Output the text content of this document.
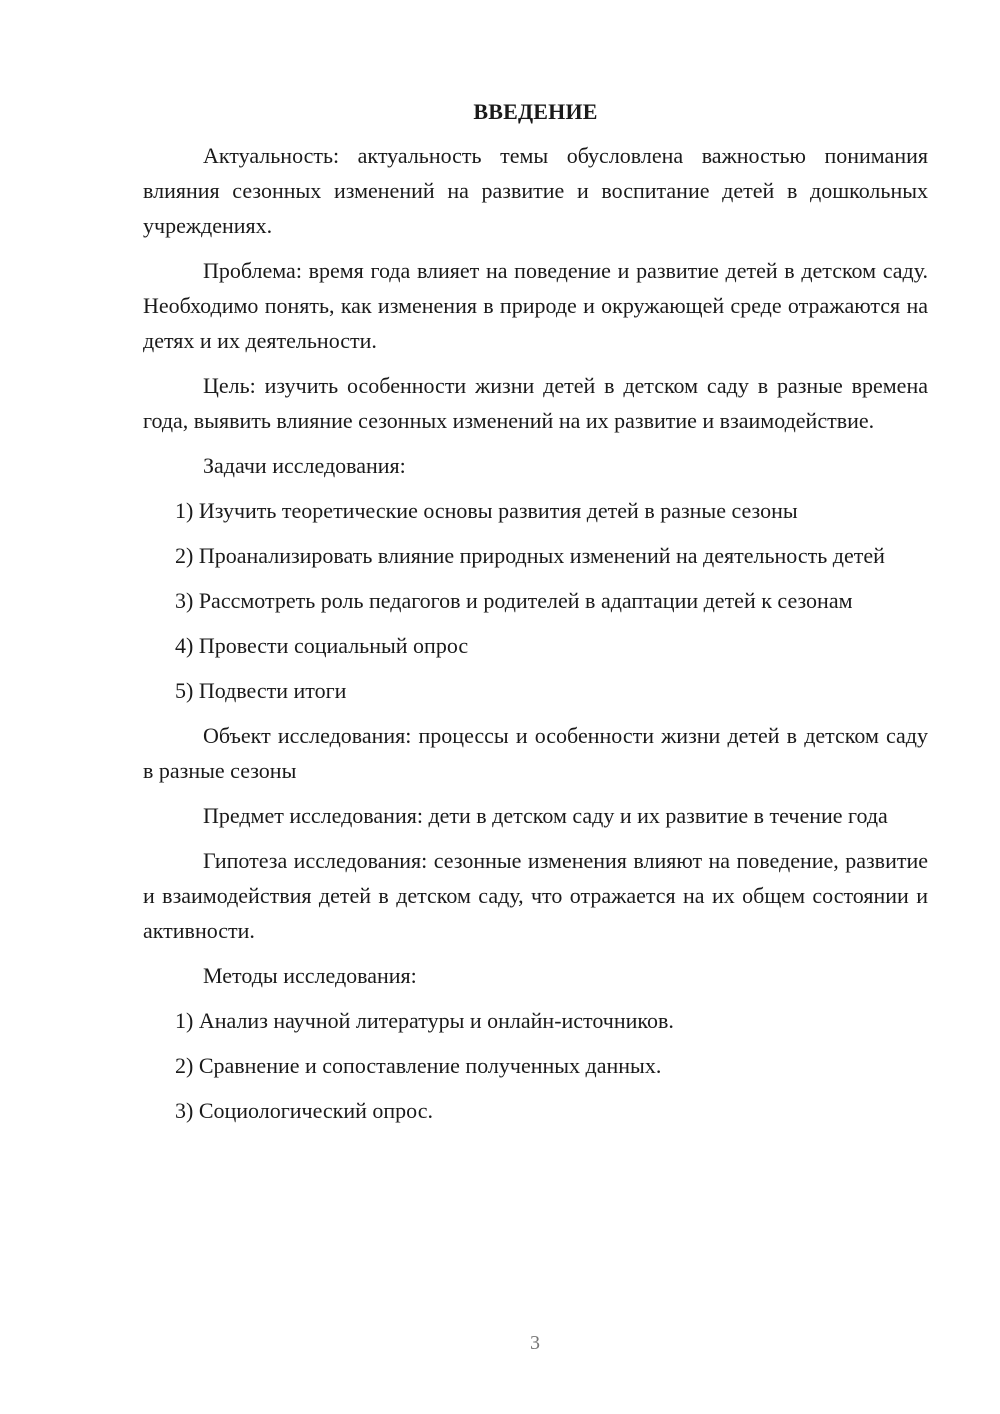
ВВЕДЕНИЕ
Актуальность: актуальность темы обусловлена важностью понимания влияния сезонных изменений на развитие и воспитание детей в дошкольных учреждениях.
Проблема: время года влияет на поведение и развитие детей в детском саду. Необходимо понять, как изменения в природе и окружающей среде отражаются на детях и их деятельности.
Цель: изучить особенности жизни детей в детском саду в разные времена года, выявить влияние сезонных изменений на их развитие и взаимодействие.
Задачи исследования:
1) Изучить теоретические основы развития детей в разные сезоны
2) Проанализировать влияние природных изменений на деятельность детей
3) Рассмотреть роль педагогов и родителей в адаптации детей к сезонам
4) Провести социальный опрос
5) Подвести итоги
Объект исследования: процессы и особенности жизни детей в детском саду в разные сезоны
Предмет исследования: дети в детском саду и их развитие в течение года
Гипотеза исследования: сезонные изменения влияют на поведение, развитие и взаимодействия детей в детском саду, что отражается на их общем состоянии и активности.
Методы исследования:
1) Анализ научной литературы и онлайн-источников.
2) Сравнение и сопоставление полученных данных.
3) Социологический опрос.
3
